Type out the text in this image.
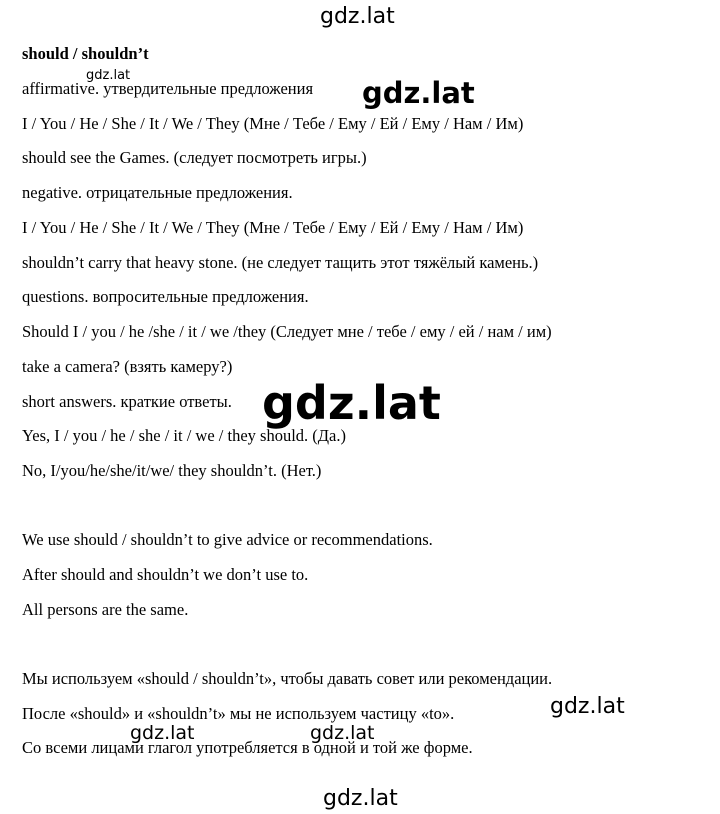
should / shouldn’t
affirmative. утвердительные предложения
I / You / He / She / It / We / They (Мне / Тебе / Ему / Ей / Ему / Нам / Им)
should see the Games. (следует посмотреть игры.)
negative. отрицательные предложения.
I / You / He / She / It / We / They (Мне / Тебе / Ему / Ей / Ему / Нам / Им)
shouldn’t carry that heavy stone. (не следует тащить этот тяжёлый камень.)
questions. вопросительные предложения.
Should I / you / he /she / it / we /they (Следует мне / тебе / ему / ей / нам / им)
take a camera? (взять камеру?)
short answers. краткие ответы.
Yes, I / you / he / she / it / we / they should. (Да.)
No, I/you/he/she/it/we/ they shouldn’t. (Нет.)
We use should / shouldn’t to give advice or recommendations.
After should and shouldn’t we don’t use to.
All persons are the same.
Мы используем «should / shouldn’t», чтобы давать совет или рекомендации.
После «should» и «shouldn’t» мы не используем частицу «to».
Со всеми лицами глагол употребляется в одной и той же форме.
gdz.lat
gdz.lat
gdz.lat
gdz.lat
gdz.lat
gdz.lat	gdz.lat
gdz.lat
